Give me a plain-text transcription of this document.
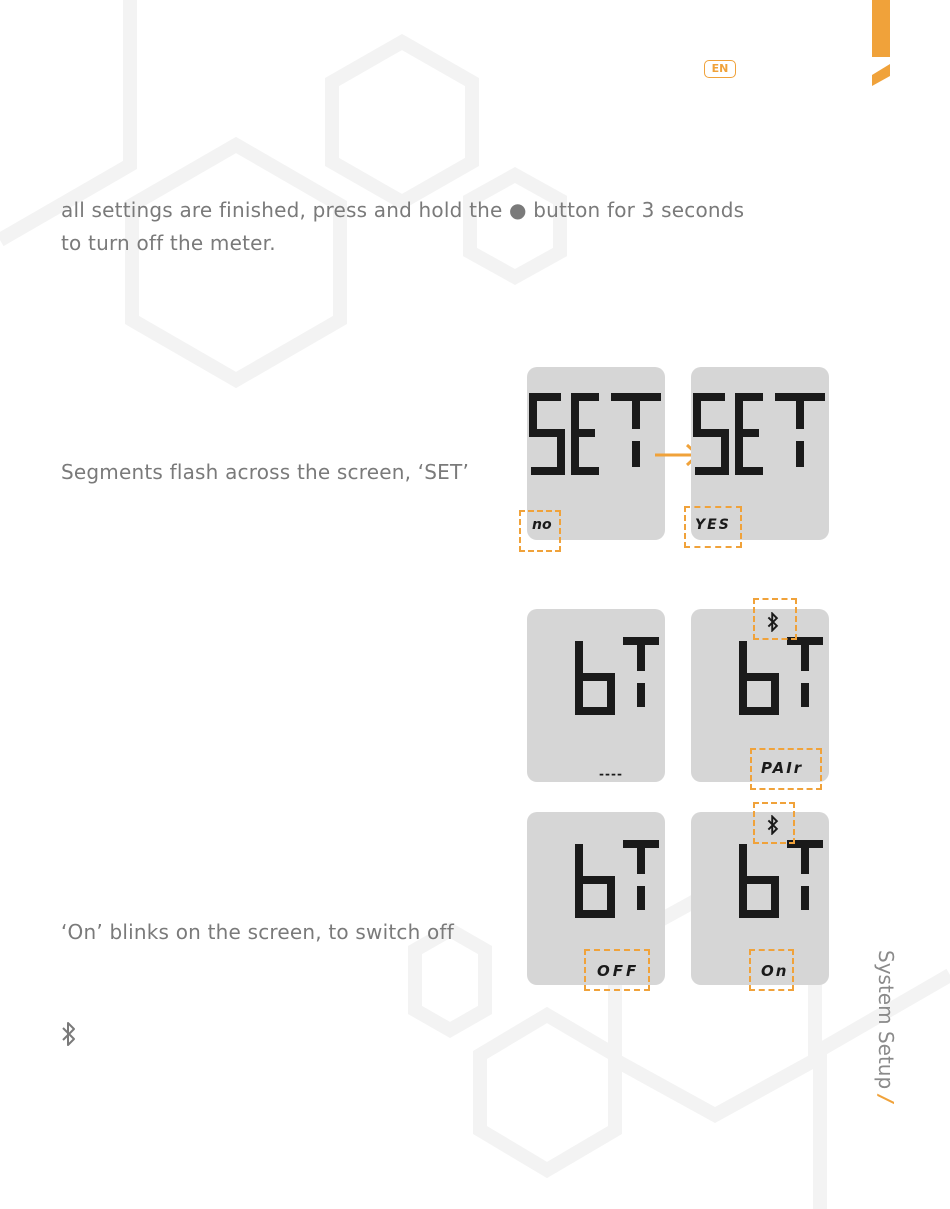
EN
all settings are finished, press and hold the ● button for 3 seconds
to turn off the meter.
Segments flash across the screen, ‘SET’
‘On’ blinks on the screen, to switch off
no	YES
----	PAIr
OFF	On	System Setup /
